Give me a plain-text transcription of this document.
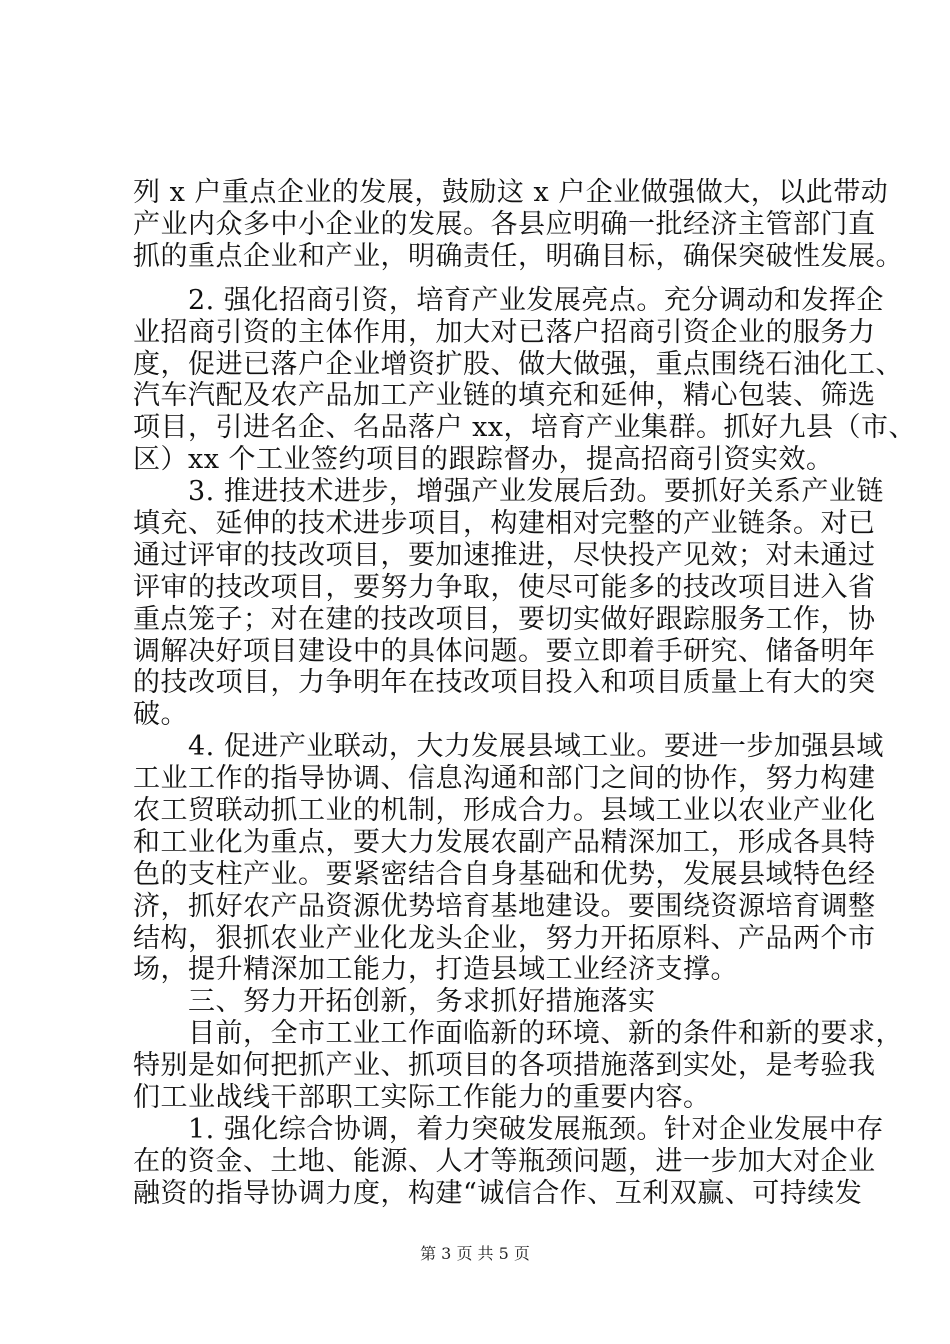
列 x 户重点企业的发展，鼓励这 x 户企业做强做大，以此带动
产业内众多中小企业的发展。各县应明确一批经济主管部门直
抓的重点企业和产业，明确责任，明确目标，确保突破性发展。
　　2. 强化招商引资，培育产业发展亮点。充分调动和发挥企
业招商引资的主体作用，加大对已落户招商引资企业的服务力
度，促进已落户企业增资扩股、做大做强，重点围绕石油化工、
汽车汽配及农产品加工产业链的填充和延伸，精心包装、筛选
项目，引进名企、名品落户 xx，培育产业集群。抓好九县（市、
区）xx 个工业签约项目的跟踪督办，提高招商引资实效。
　　3. 推进技术进步，增强产业发展后劲。要抓好关系产业链
填充、延伸的技术进步项目，构建相对完整的产业链条。对已
通过评审的技改项目，要加速推进，尽快投产见效；对未通过
评审的技改项目，要努力争取，使尽可能多的技改项目进入省
重点笼子；对在建的技改项目，要切实做好跟踪服务工作，协
调解决好项目建设中的具体问题。要立即着手研究、储备明年
的技改项目，力争明年在技改项目投入和项目质量上有大的突
破。
　　4. 促进产业联动，大力发展县域工业。要进一步加强县域
工业工作的指导协调、信息沟通和部门之间的协作，努力构建
农工贸联动抓工业的机制，形成合力。县域工业以农业产业化
和工业化为重点，要大力发展农副产品精深加工，形成各具特
色的支柱产业。要紧密结合自身基础和优势，发展县域特色经
济，抓好农产品资源优势培育基地建设。要围绕资源培育调整
结构，狠抓农业产业化龙头企业，努力开拓原料、产品两个市
场，提升精深加工能力，打造县域工业经济支撑。
　　三、努力开拓创新，务求抓好措施落实
　　目前，全市工业工作面临新的环境、新的条件和新的要求，
特别是如何把抓产业、抓项目的各项措施落到实处，是考验我
们工业战线干部职工实际工作能力的重要内容。
　　1. 强化综合协调，着力突破发展瓶颈。针对企业发展中存
在的资金、土地、能源、人才等瓶颈问题，进一步加大对企业
融资的指导协调力度，构建“诚信合作、互利双赢、可持续发
第 3 页 共 5 页
